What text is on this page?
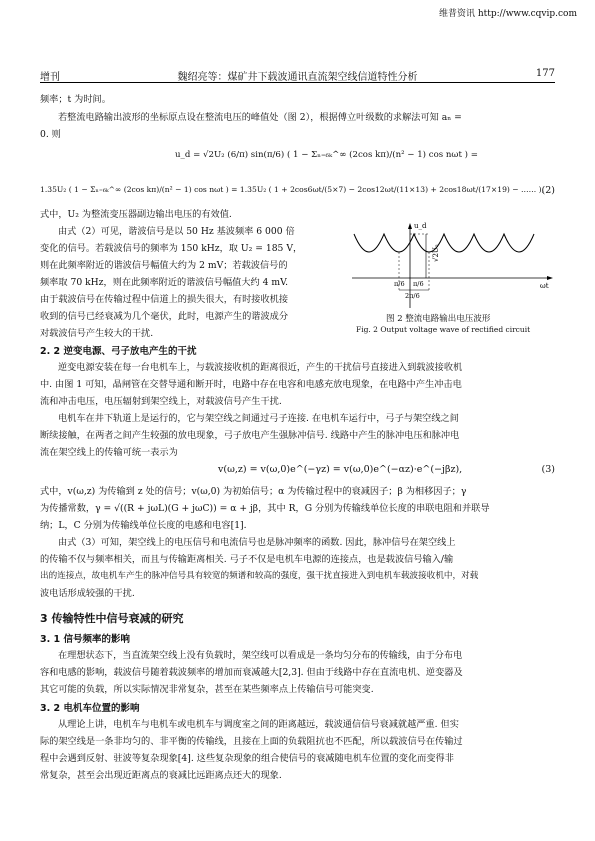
维普资讯 http://www.cqvip.com
增刊	魏绍亮等：煤矿井下载波通讯直流架空线信道特性分析	177
频率；t 为时间。
若整流电路输出波形的坐标原点设在整流电压的峰值处（图 2），根据傅立叶级数的求解法可知 aₙ =
0. 则
u_d = √2U₂ (6/π) sin(π/6) ( 1 − Σₙ₌₆ₖ^∞ (2cos kπ)/(n² − 1) cos nωt ) =
1.35U₂ ( 1 − Σₙ₌₆ₖ^∞ (2cos kπ)/(n² − 1) cos nωt ) = 1.35U₂ ( 1 + 2cos6ωt/(5×7) − 2cos12ωt/(11×13) + 2cos18ωt/(17×19) − …… ),
(2)
式中，U₂ 为整流变压器副边输出电压的有效值.
由式（2）可见，谐波信号是以 50 Hz 基波频率 6 000 倍
变化的信号。若载波信号的频率为 150 kHz，取 U₂ = 185 V，
则在此频率附近的谐波信号幅值大约为 2 mV；若载波信号的
频率取 70 kHz，则在此频率附近的谐波信号幅值大约 4 mV.
由于载波信号在传输过程中信道上的损失很大，有时接收机接
收到的信号已经衰减为几个毫伏，此时，电源产生的谐波成分
对载波信号产生较大的干扰.
u_d
√2U₂
ωt
π/6 π/6
2π/6
图 2 整流电路输出电压波形
Fig. 2 Output voltage wave of rectified circuit
2. 2 逆变电源、弓子放电产生的干扰
逆变电源安装在每一台电机车上，与载波接收机的距离很近，产生的干扰信号直接进入到载波接收机
中. 由图 1 可知，晶闸管在交替导通和断开时，电路中存在电容和电感充放电现象，在电路中产生冲击电
流和冲击电压，电压辐射到架空线上，对载波信号产生干扰.
电机车在井下轨道上是运行的，它与架空线之间通过弓子连接. 在电机车运行中，弓子与架空线之间
断续接触，在两者之间产生较强的放电现象，弓子放电产生强脉冲信号. 线路中产生的脉冲电压和脉冲电
流在架空线上的传输可统一表示为
v(ω,z) = v(ω,0)e^(−γz) = v(ω,0)e^(−αz)·e^(−jβz),	(3)
式中，v(ω,z) 为传输到 z 处的信号；v(ω,0) 为初始信号；α 为传输过程中的衰减因子；β 为相移因子；γ
为传播常数，γ = √((R + jωL)(G + jωC)) = α + jβ，其中 R，G 分别为传输线单位长度的串联电阻和并联导
纳；L，C 分别为传输线单位长度的电感和电容[1].
由式（3）可知，架空线上的电压信号和电流信号也是脉冲频率的函数. 因此，脉冲信号在架空线上
的传输不仅与频率相关，而且与传输距离相关. 弓子不仅是电机车电源的连接点，也是载波信号输入/输
出的连接点，故电机车产生的脉冲信号具有较宽的频谱和较高的强度，强干扰直接进入到电机车载波接收机中，对载
波电话形成较强的干扰.
3 传输特性中信号衰减的研究
3. 1 信号频率的影响
在理想状态下，当直流架空线上没有负载时，架空线可以看成是一条均匀分布的传输线，由于分布电
容和电感的影响，载波信号随着载波频率的增加而衰减越大[2,3]. 但由于线路中存在直流电机、逆变器及
其它可能的负载，所以实际情况非常复杂，甚至在某些频率点上传输信号可能突变.
3. 2 电机车位置的影响
从理论上讲，电机车与电机车或电机车与调度室之间的距离越远，载波通信信号衰减就越严重. 但实
际的架空线是一条非均匀的、非平衡的传输线，且接在上面的负载阻抗也不匹配，所以载波信号在传输过
程中会遇到反射、驻波等复杂现象[4]. 这些复杂现象的组合使信号的衰减随电机车位置的变化而变得非
常复杂，甚至会出现近距离点的衰减比远距离点还大的现象.
